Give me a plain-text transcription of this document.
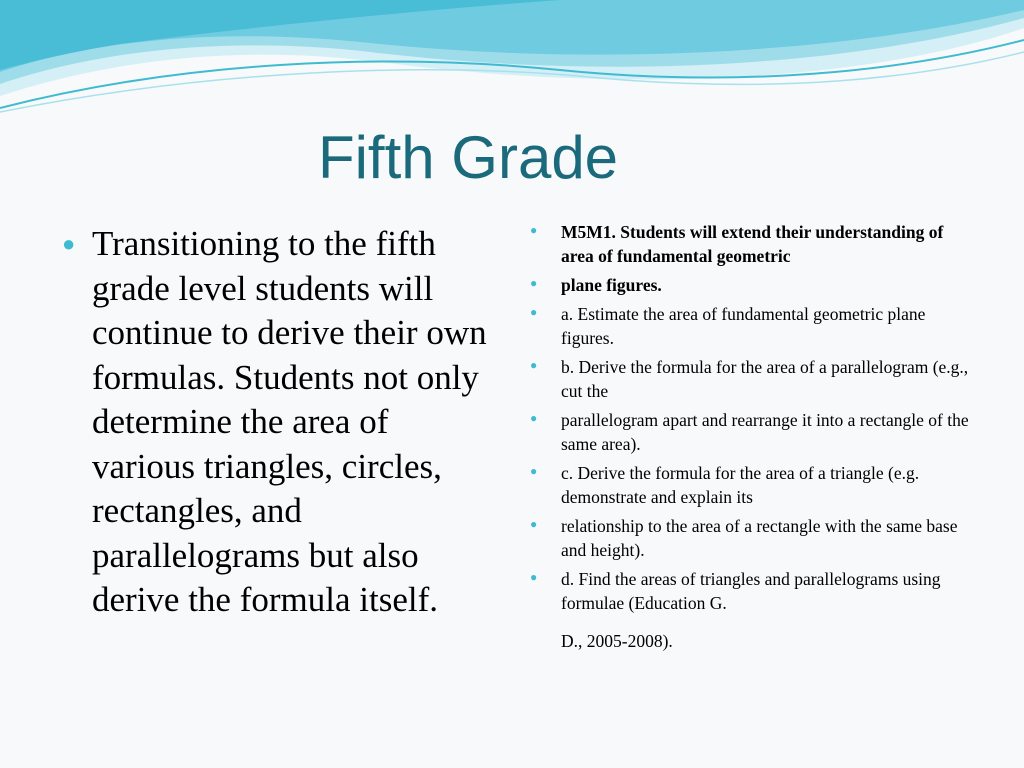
Fifth Grade
● Transitioning to the fifth grade level students will continue to derive their own formulas. Students not only determine the area of various triangles, circles, rectangles, and parallelograms but also derive the formula itself.
●	M5M1. Students will extend their understanding of area of fundamental geometric
●	plane figures.
●	a. Estimate the area of fundamental geometric plane figures.
●	b. Derive the formula for the area of a parallelogram (e.g., cut the
●	parallelogram apart and rearrange it into a rectangle of the same area).
●	c. Derive the formula for the area of a triangle (e.g. demonstrate and explain its
●	relationship to the area of a rectangle with the same base and height).
●	d. Find the areas of triangles and parallelograms using formulae (Education G.
D., 2005-2008).
